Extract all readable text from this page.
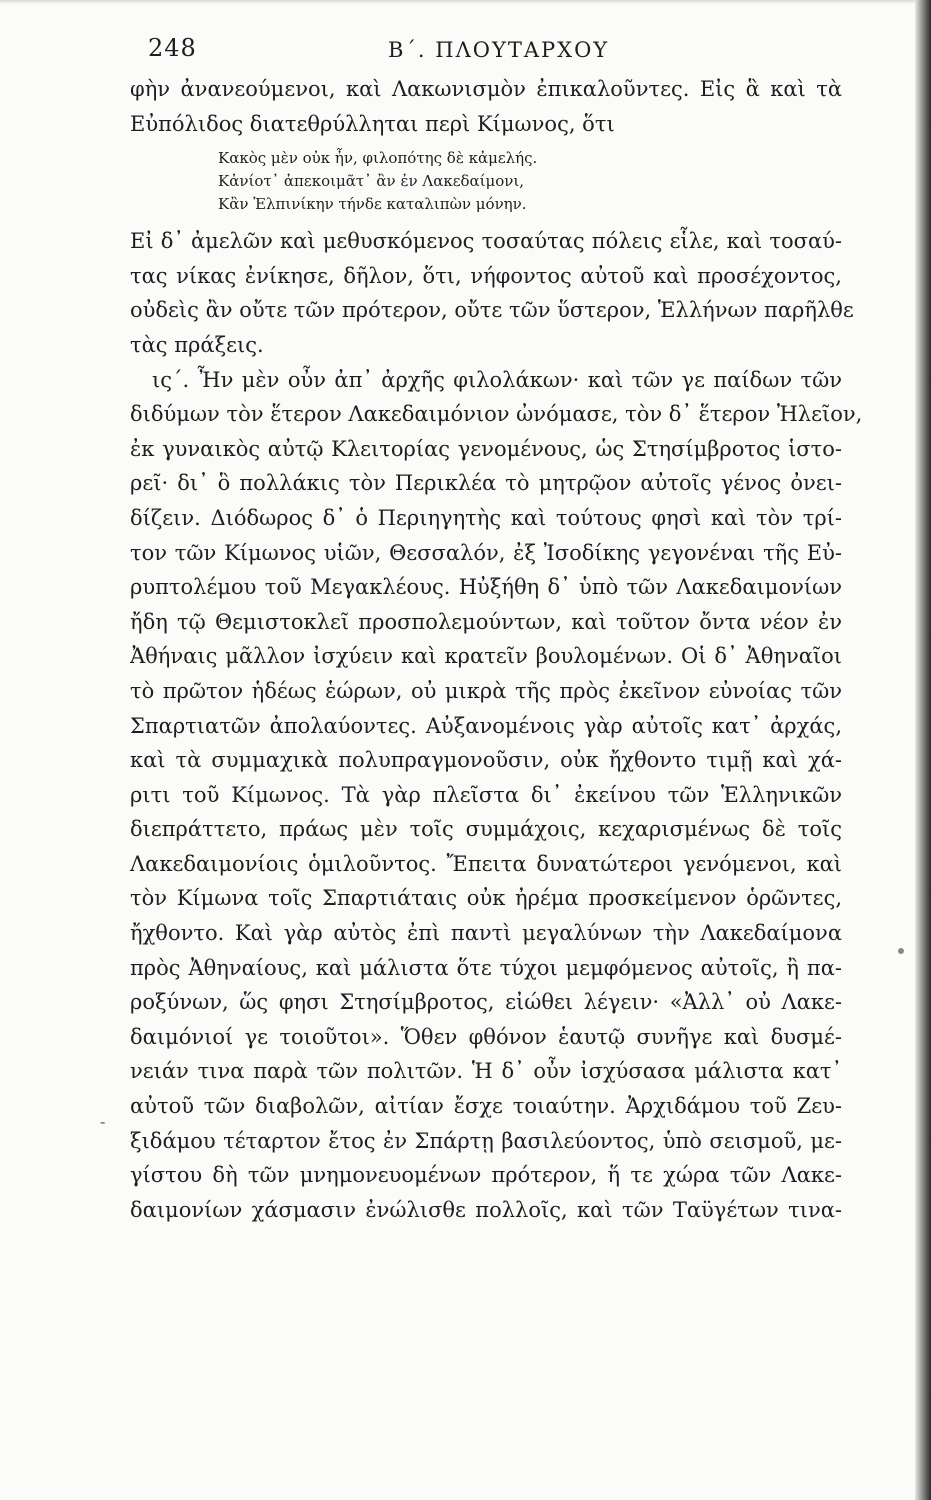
248	Β΄. ΠΛΟΥΤΑΡΧΟΥ
φὴν ἀνανεούμενοι, καὶ Λακωνισμὸν ἐπικαλοῦντες. Εἰς ἃ καὶ τὰ
Εὐπόλιδος διατεθρύλληται περὶ Κίμωνος, ὅτι
Κακὸς μὲν οὐκ ἦν, φιλοπότης δὲ κἀμελής.
Κἀνίοτ᾽ ἀπεκοιμᾶτ᾽ ἂν ἐν Λακεδαίμονι,
Κἂν Ἐλπινίκην τήνδε καταλιπὼν μόνην.
Εἰ δ᾽ ἀμελῶν καὶ μεθυσκόμενος τοσαύτας πόλεις εἷλε, καὶ τοσαύ-
τας νίκας ἐνίκησε, δῆλον, ὅτι, νήφοντος αὐτοῦ καὶ προσέχοντος,
οὐδεὶς ἂν οὔτε τῶν πρότερον, οὔτε τῶν ὕστερον, Ἑλλήνων παρῆλθε
τὰς πράξεις.
ις΄. Ἦν μὲν οὖν ἀπ᾽ ἀρχῆς φιλολάκων· καὶ τῶν γε παίδων τῶν
διδύμων τὸν ἕτερον Λακεδαιμόνιον ὠνόμασε, τὸν δ᾽ ἕτερον Ἠλεῖον,
ἐκ γυναικὸς αὐτῷ Κλειτορίας γενομένους, ὡς Στησίμβροτος ἱστο-
ρεῖ· δι᾽ ὃ πολλάκις τὸν Περικλέα τὸ μητρῷον αὐτοῖς γένος ὀνει-
δίζειν. Διόδωρος δ᾽ ὁ Περιηγητὴς καὶ τούτους φησὶ καὶ τὸν τρί-
τον τῶν Κίμωνος υἱῶν, Θεσσαλόν, ἐξ Ἰσοδίκης γεγονέναι τῆς Εὐ-
ρυπτολέμου τοῦ Μεγακλέους. Ηὐξήθη δ᾽ ὑπὸ τῶν Λακεδαιμονίων
ἤδη τῷ Θεμιστοκλεῖ προσπολεμούντων, καὶ τοῦτον ὄντα νέον ἐν
Ἀθήναις μᾶλλον ἰσχύειν καὶ κρατεῖν βουλομένων. Οἱ δ᾽ Ἀθηναῖοι
τὸ πρῶτον ἡδέως ἑώρων, οὐ μικρὰ τῆς πρὸς ἐκεῖνον εὐνοίας τῶν
Σπαρτιατῶν ἀπολαύοντες. Αὐξανομένοις γὰρ αὐτοῖς κατ᾽ ἀρχάς,
καὶ τὰ συμμαχικὰ πολυπραγμονοῦσιν, οὐκ ἤχθοντο τιμῇ καὶ χά-
ριτι τοῦ Κίμωνος. Τὰ γὰρ πλεῖστα δι᾽ ἐκείνου τῶν Ἑλληνικῶν
διεπράττετο, πράως μὲν τοῖς συμμάχοις, κεχαρισμένως δὲ τοῖς
Λακεδαιμονίοις ὁμιλοῦντος. Ἔπειτα δυνατώτεροι γενόμενοι, καὶ
τὸν Κίμωνα τοῖς Σπαρτιάταις οὐκ ἠρέμα προσκείμενον ὁρῶντες,
ἤχθοντο. Καὶ γὰρ αὐτὸς ἐπὶ παντὶ μεγαλύνων τὴν Λακεδαίμονα
πρὸς Ἀθηναίους, καὶ μάλιστα ὅτε τύχοι μεμφόμενος αὐτοῖς, ἢ πα-
ροξύνων, ὥς φησι Στησίμβροτος, εἰώθει λέγειν· «Ἀλλ᾽ οὐ Λακε-
δαιμόνιοί γε τοιοῦτοι». Ὅθεν φθόνον ἑαυτῷ συνῆγε καὶ δυσμέ-
νειάν τινα παρὰ τῶν πολιτῶν. Ἡ δ᾽ οὖν ἰσχύσασα μάλιστα κατ᾽
αὐτοῦ τῶν διαβολῶν, αἰτίαν ἔσχε τοιαύτην. Ἀρχιδάμου τοῦ Ζευ-
ξιδάμου τέταρτον ἔτος ἐν Σπάρτῃ βασιλεύοντος, ὑπὸ σεισμοῦ, με-
γίστου δὴ τῶν μνημονευομένων πρότερον, ἥ τε χώρα τῶν Λακε-
δαιμονίων χάσμασιν ἐνώλισθε πολλοῖς, καὶ τῶν Ταϋγέτων τινα-
-
